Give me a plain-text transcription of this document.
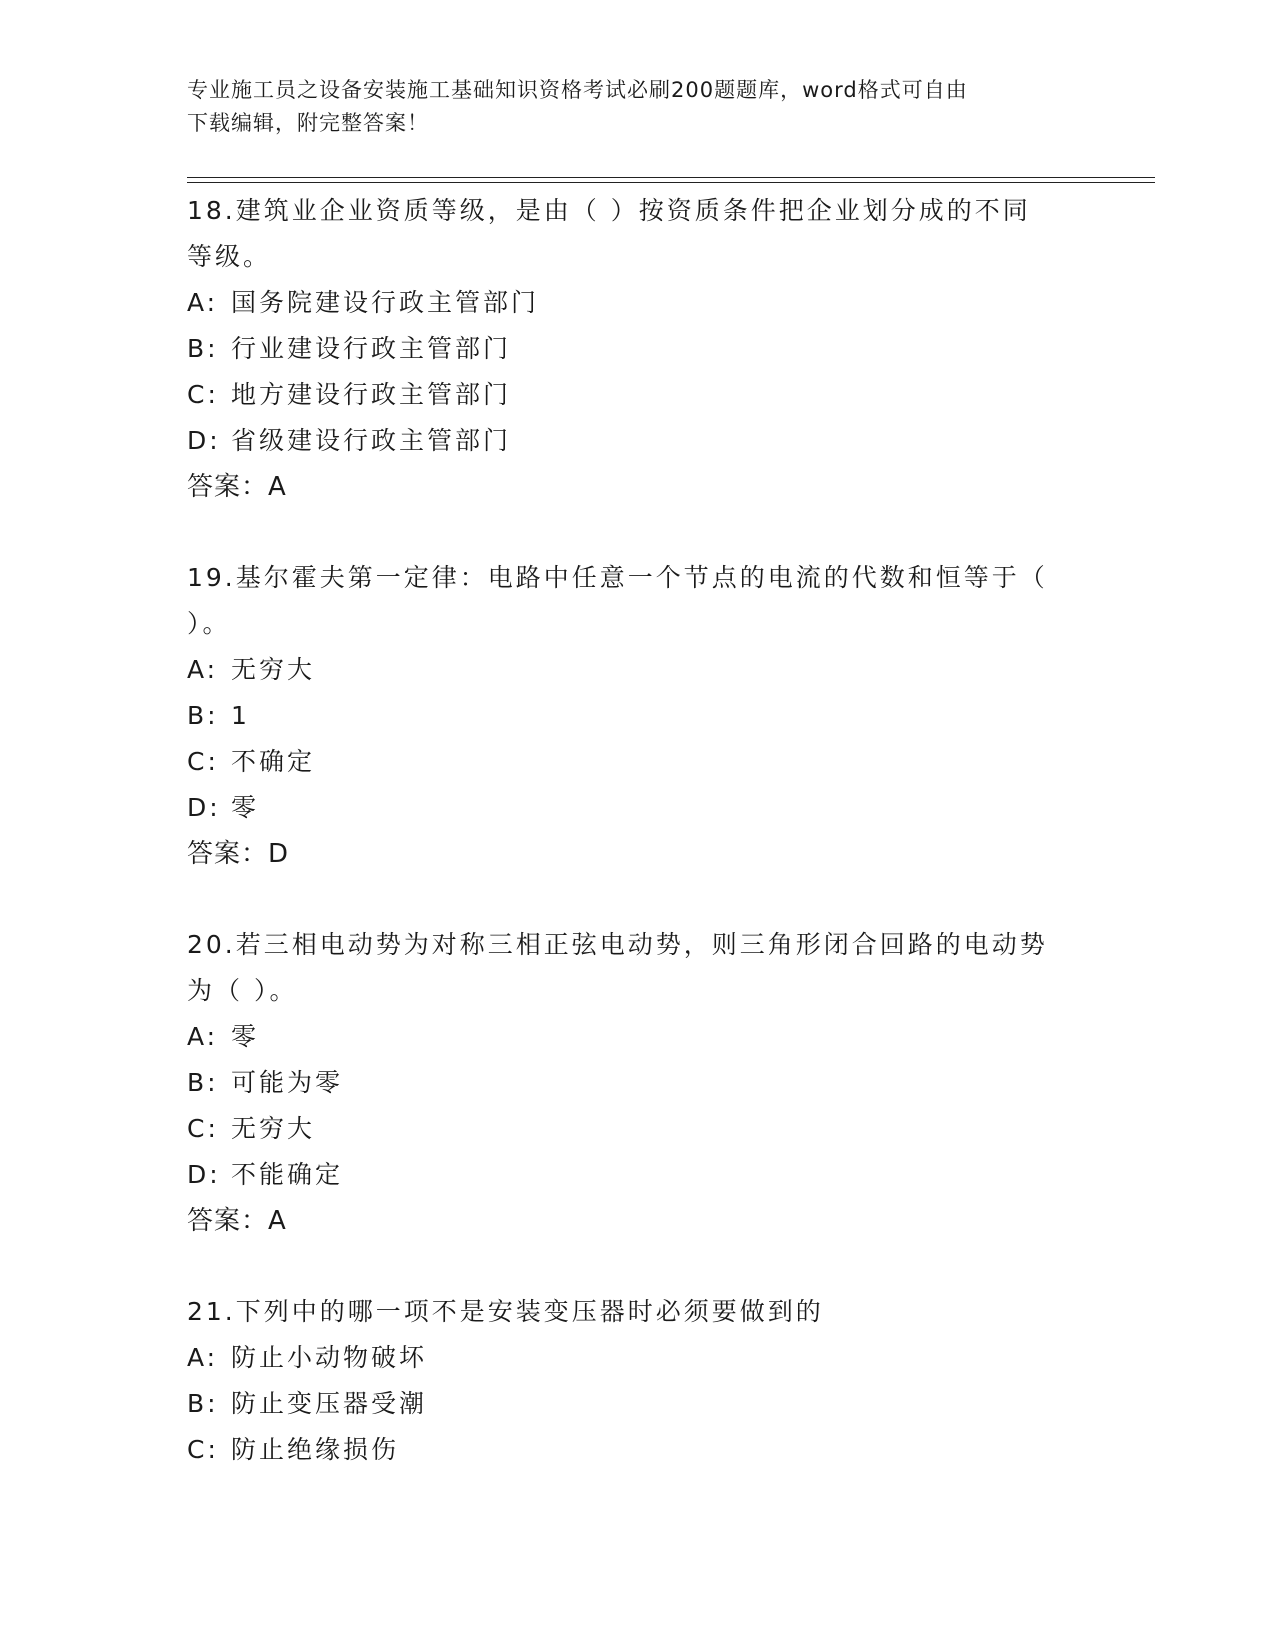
专业施工员之设备安装施工基础知识资格考试必刷200题题库，word格式可自由
下载编辑，附完整答案！
18.建筑业企业资质等级，是由（ ）按资质条件把企业划分成的不同
等级。
A: 国务院建设行政主管部门
B: 行业建设行政主管部门
C: 地方建设行政主管部门
D: 省级建设行政主管部门
答案：A
19.基尔霍夫第一定律：电路中任意一个节点的电流的代数和恒等于（
）。
A: 无穷大
B: 1
C: 不确定
D: 零
答案：D
20.若三相电动势为对称三相正弦电动势，则三角形闭合回路的电动势
为（ ）。
A: 零
B: 可能为零
C: 无穷大
D: 不能确定
答案：A
21.下列中的哪一项不是安装变压器时必须要做到的
A: 防止小动物破坏
B: 防止变压器受潮
C: 防止绝缘损伤
